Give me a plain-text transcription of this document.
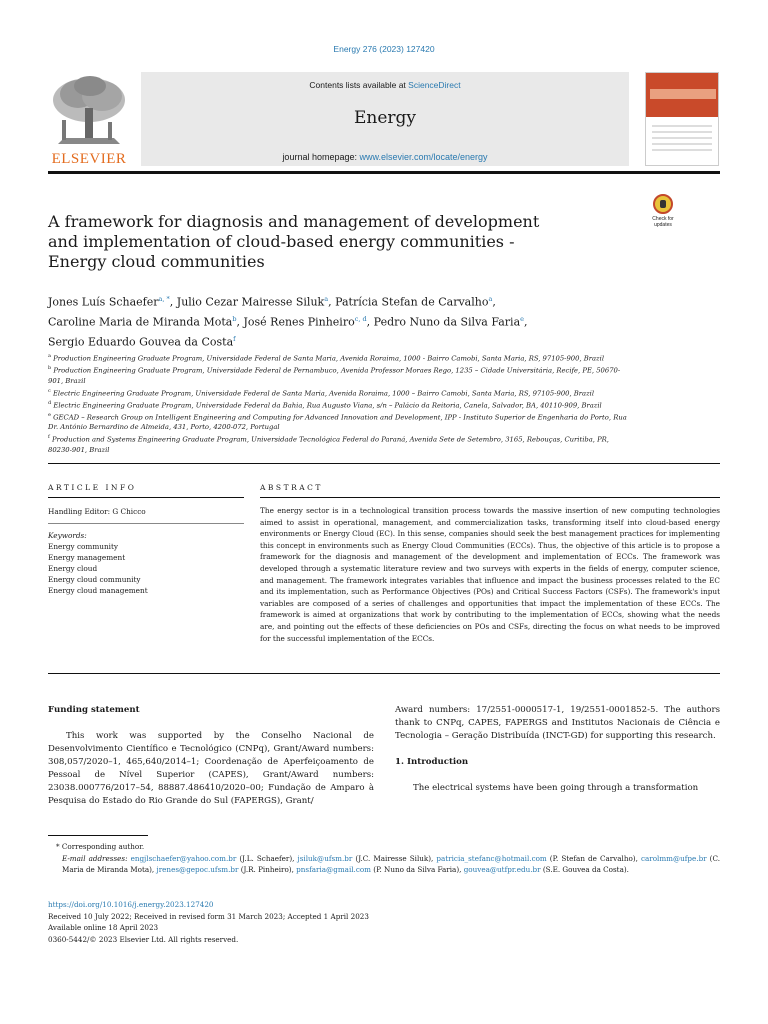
Energy 276 (2023) 127420
ELSEVIER
Contents lists available at ScienceDirect
Energy
journal homepage: www.elsevier.com/locate/energy
Check for
updates
A framework for diagnosis and management of development and implementation of cloud-based energy communities - Energy cloud communities
Jones Luís Schaefer$^{a, *}$, Julio Cezar Mairesse Siluk$^a$, Patrícia Stefan de Carvalho$^a$,
Caroline Maria de Miranda Mota$^b$, José Renes Pinheiro$^{c, d}$, Pedro Nuno da Silva Faria$^e$,
Sergio Eduardo Gouvea da Costa$^f$
$^a$ Production Engineering Graduate Program, Universidade Federal de Santa Maria, Avenida Roraima, 1000 - Bairro Camobi, Santa Maria, RS, 97105-900, Brazil
$^b$ Production Engineering Graduate Program, Universidade Federal de Pernambuco, Avenida Professor Moraes Rego, 1235 – Cidade Universitária, Recife, PE, 50670-901, Brazil
$^c$ Electric Engineering Graduate Program, Universidade Federal de Santa Maria, Avenida Roraima, 1000 – Bairro Camobi, Santa Maria, RS, 97105-900, Brazil
$^d$ Electric Engineering Graduate Program, Universidade Federal da Bahia, Rua Augusto Viana, s/n – Palácio da Reitoria, Canela, Salvador, BA, 40110-909, Brazil
$^e$ GECAD – Research Group on Intelligent Engineering and Computing for Advanced Innovation and Development, IPP - Instituto Superior de Engenharia do Porto, Rua Dr. António Bernardino de Almeida, 431, Porto, 4200-072, Portugal
$^f$ Production and Systems Engineering Graduate Program, Universidade Tecnológica Federal do Paraná, Avenida Sete de Setembro, 3165, Rebouças, Curitiba, PR, 80230-901, Brazil
ARTICLE INFO	ABSTRACT
Handling Editor: G Chicco
Keywords:
Energy community
Energy management
Energy cloud
Energy cloud community
Energy cloud management
The energy sector is in a technological transition process towards the massive insertion of new computing technologies aimed to assist in operational, management, and commercialization tasks, transforming itself into cloud-based energy environments or Energy Cloud (EC). In this sense, companies should seek the best management practices for implementing this concept in environments such as Energy Cloud Communities (ECCs). Thus, the objective of this article is to propose a framework for the diagnosis and management of the development and implementation of ECCs. The framework was developed through a systematic literature review and two surveys with experts in the fields of energy, computer science, and management. The framework integrates variables that influence and impact the business processes related to the EC and its implementation, such as Performance Objectives (POs) and Critical Success Factors (CSFs). The framework's input variables are composed of a series of challenges and opportunities that impact the implementation of these ECCs. The framework is aimed at organizations that work by contributing to the implementation of ECCs, showing what the needs are, and pointing out the effects of these deficiencies on POs and CSFs, directing the focus on what needs to be improved for the successful implementation of the ECCs.
Funding statement

This work was supported by the Conselho Nacional de Desenvolvimento Científico e Tecnológico (CNPq), Grant/Award numbers: 308,057/2020–1, 465,640/2014–1; Coordenação de Aperfeiçoamento de Pessoal de Nível Superior (CAPES), Grant/Award numbers: 23038.000776/2017–54, 88887.486410/2020–00; Fundação de Amparo à Pesquisa do Estado do Rio Grande do Sul (FAPERGS), Grant/

Award numbers: 17/2551-0000517-1, 19/2551-0001852-5. The authors thank to CNPq, CAPES, FAPERGS and Institutos Nacionais de Ciência e Tecnologia – Geração Distribuída (INCT-GD) for supporting this research.

1. Introduction

The electrical systems have been going through a transformation

* Corresponding author.
E-mail addresses: engjlschaefer@yahoo.com.br (J.L. Schaefer), jsiluk@ufsm.br (J.C. Mairesse Siluk), patricia_stefanc@hotmail.com (P. Stefan de Carvalho), carolmm@ufpe.br (C. Maria de Miranda Mota), jrenes@gepoc.ufsm.br (J.R. Pinheiro), pnsfaria@gmail.com (P. Nuno da Silva Faria), gouvea@utfpr.edu.br (S.E. Gouvea da Costa).
https://doi.org/10.1016/j.energy.2023.127420
Received 10 July 2022; Received in revised form 31 March 2023; Accepted 1 April 2023
Available online 18 April 2023
0360-5442/© 2023 Elsevier Ltd. All rights reserved.
